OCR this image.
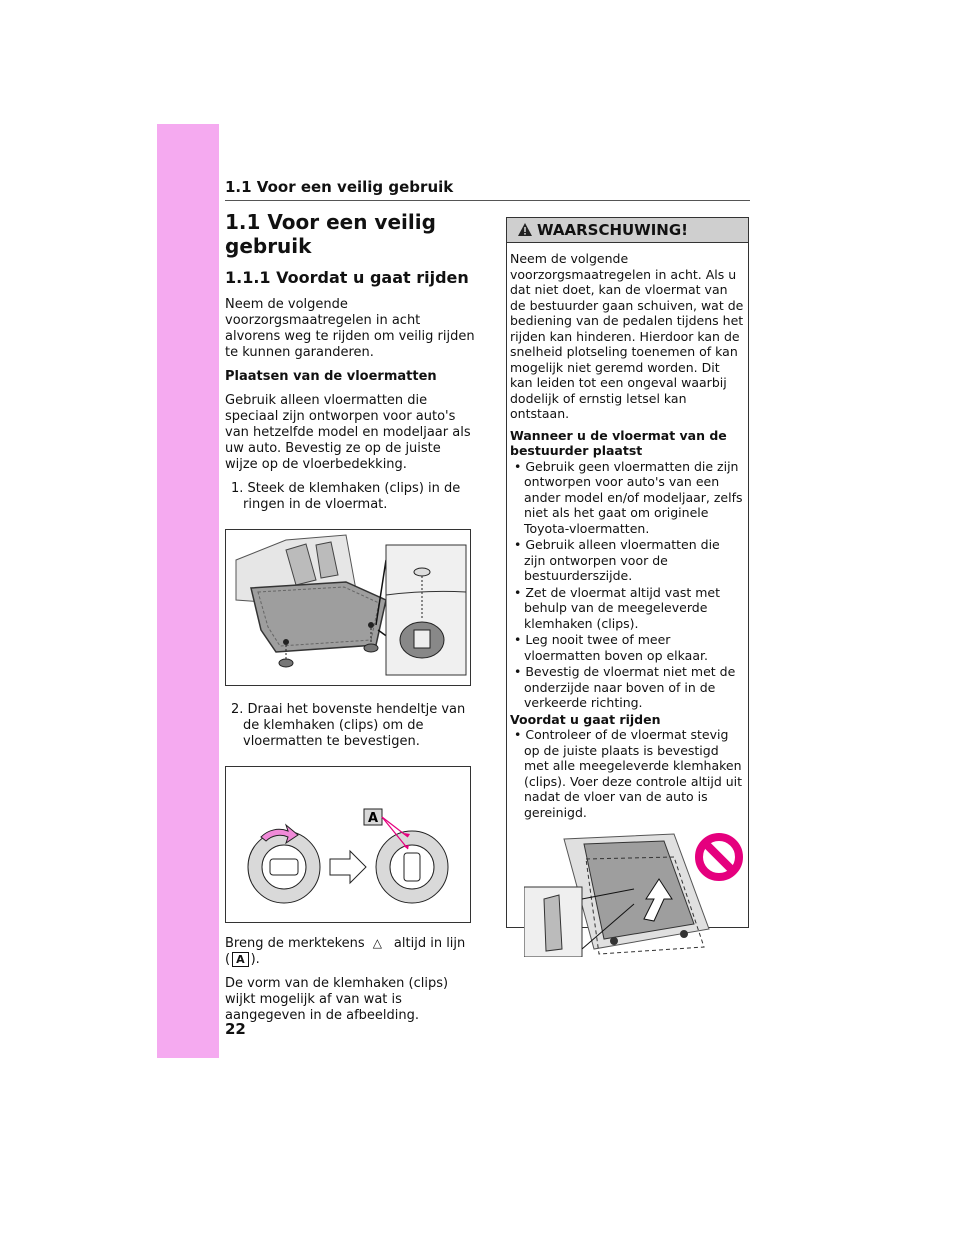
1.1 Voor een veilig gebruik
1.1 Voor een veilig gebruik
1.1.1 Voordat u gaat rijden

Neem de volgende voorzorgsmaatregelen in acht alvorens weg te rijden om veilig rijden te kunnen garanderen.

Plaatsen van de vloermatten

Gebruik alleen vloermatten die speciaal zijn ontworpen voor auto's van hetzelfde model en modeljaar als uw auto. Bevestig ze op de juiste wijze op de vloerbedekking.

1. Steek de klemhaken (clips) in de ringen in de vloermat.

2. Draai het bovenste hendeltje van de klemhaken (clips) om de vloermatten te bevestigen.

A

Breng de merktekens △ altijd in lijn
( A ).

De vorm van de klemhaken (clips) wijkt mogelijk af van wat is aangegeven in de afbeelding.

WAARSCHUWING!

Neem de volgende voorzorgsmaatregelen in acht. Als u dat niet doet, kan de vloermat van de bestuurder gaan schuiven, wat de bediening van de pedalen tijdens het rijden kan hinderen. Hierdoor kan de snelheid plotseling toenemen of kan mogelijk niet geremd worden. Dit kan leiden tot een ongeval waarbij dodelijk of ernstig letsel kan ontstaan.

Wanneer u de vloermat van de bestuurder plaatst

• Gebruik geen vloermatten die zijn ontworpen voor auto's van een ander model en/of modeljaar, zelfs niet als het gaat om originele Toyota-vloermatten.
• Gebruik alleen vloermatten die zijn ontworpen voor de bestuurderszijde.
• Zet de vloermat altijd vast met behulp van de meegeleverde klemhaken (clips).
• Leg nooit twee of meer vloermatten boven op elkaar.
• Bevestig de vloermat niet met de onderzijde naar boven of in de verkeerde richting.

Voordat u gaat rijden

• Controleer of de vloermat stevig op de juiste plaats is bevestigd met alle meegeleverde klemhaken (clips). Voer deze controle altijd uit nadat de vloer van de auto is gereinigd.
22
